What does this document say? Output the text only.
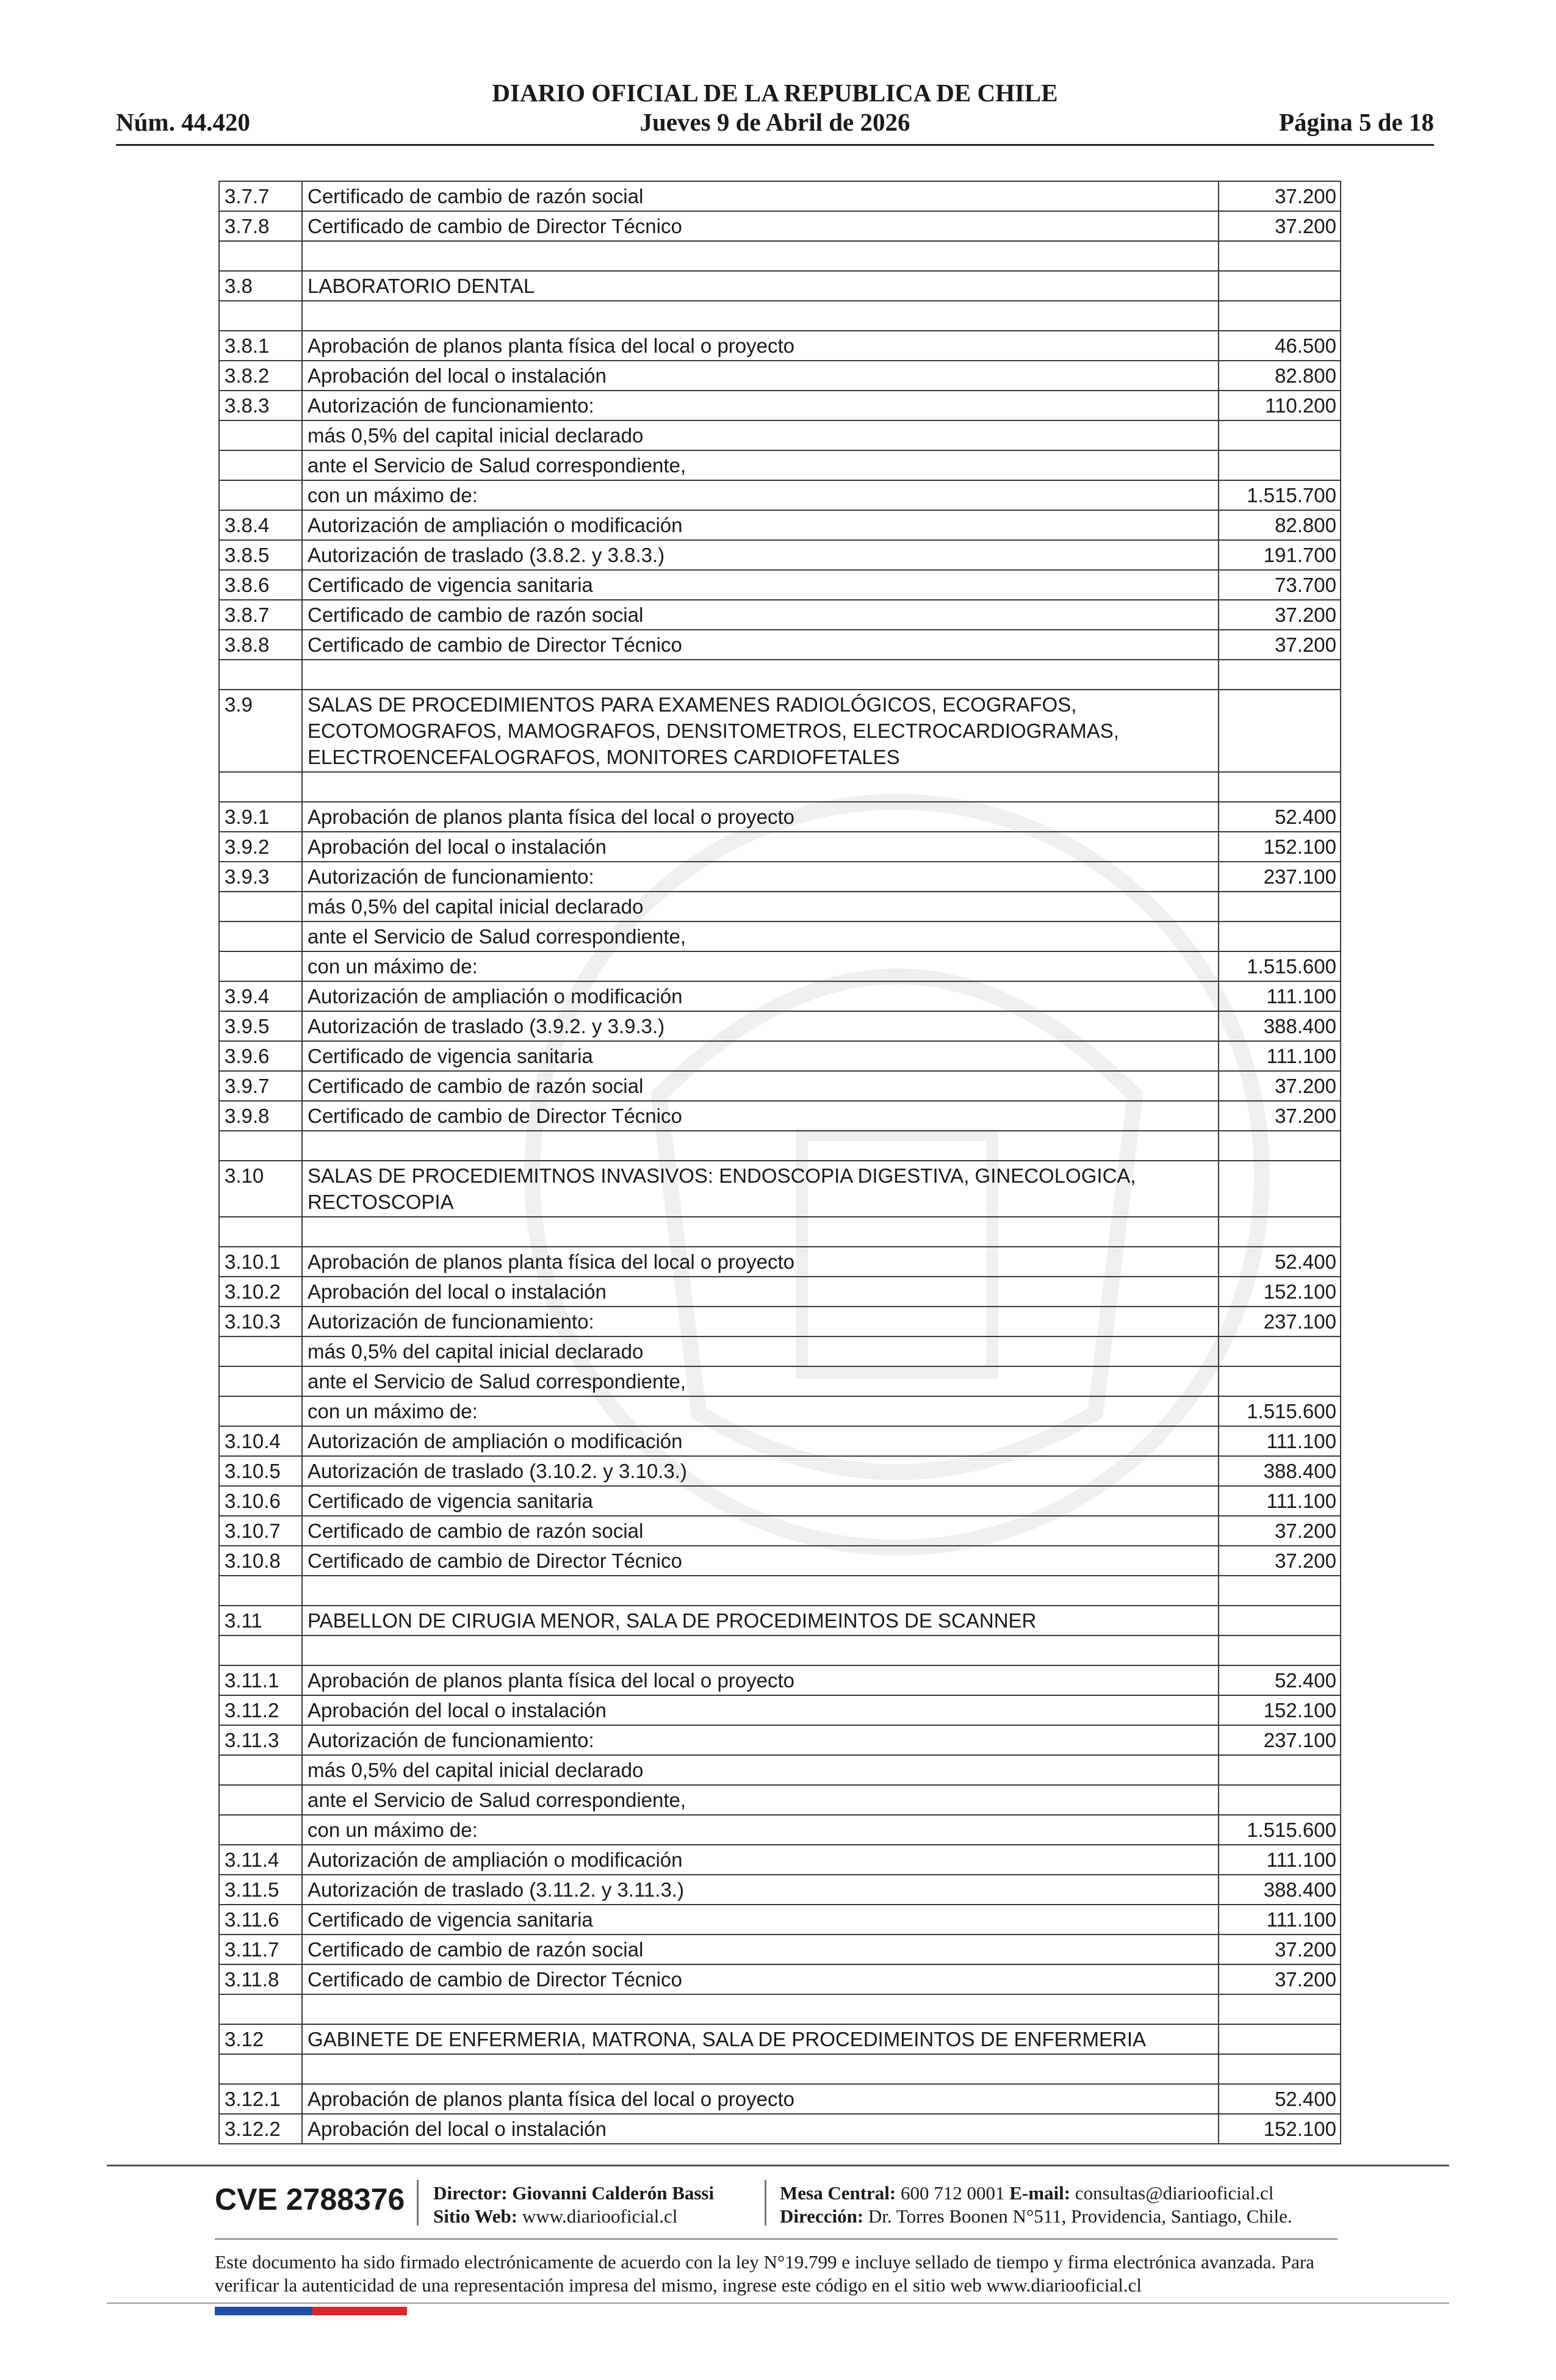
DIARIO OFICIAL DE LA REPUBLICA DE CHILE
Núm. 44.420	Jueves 9 de Abril de 2026	Página 5 de 18
3.7.7	Certificado de cambio de razón social	37.200
3.7.8	Certificado de cambio de Director Técnico	37.200

3.8	LABORATORIO DENTAL	

3.8.1	Aprobación de planos planta física del local o proyecto	46.500
3.8.2	Aprobación del local o instalación	82.800
3.8.3	Autorización de funcionamiento:	110.200
	más 0,5% del capital inicial declarado	
	ante el Servicio de Salud correspondiente,	
	con un máximo de:	1.515.700
3.8.4	Autorización de ampliación o modificación	82.800
3.8.5	Autorización de traslado (3.8.2. y 3.8.3.)	191.700
3.8.6	Certificado de vigencia sanitaria	73.700
3.8.7	Certificado de cambio de razón social	37.200
3.8.8	Certificado de cambio de Director Técnico	37.200

3.9	SALAS DE PROCEDIMIENTOS PARA EXAMENES RADIOLÓGICOS, ECOGRAFOS, ECOTOMOGRAFOS, MAMOGRAFOS, DENSITOMETROS, ELECTROCARDIOGRAMAS, ELECTROENCEFALOGRAFOS, MONITORES CARDIOFETALES	

3.9.1	Aprobación de planos planta física del local o proyecto	52.400
3.9.2	Aprobación del local o instalación	152.100
3.9.3	Autorización de funcionamiento:	237.100
	más 0,5% del capital inicial declarado	
	ante el Servicio de Salud correspondiente,	
	con un máximo de:	1.515.600
3.9.4	Autorización de ampliación o modificación	111.100
3.9.5	Autorización de traslado (3.9.2. y 3.9.3.)	388.400
3.9.6	Certificado de vigencia sanitaria	111.100
3.9.7	Certificado de cambio de razón social	37.200
3.9.8	Certificado de cambio de Director Técnico	37.200

3.10	SALAS DE PROCEDIEMITNOS INVASIVOS: ENDOSCOPIA DIGESTIVA, GINECOLOGICA, RECTOSCOPIA	

3.10.1	Aprobación de planos planta física del local o proyecto	52.400
3.10.2	Aprobación del local o instalación	152.100
3.10.3	Autorización de funcionamiento:	237.100
	más 0,5% del capital inicial declarado	
	ante el Servicio de Salud correspondiente,	
	con un máximo de:	1.515.600
3.10.4	Autorización de ampliación o modificación	111.100
3.10.5	Autorización de traslado (3.10.2. y 3.10.3.)	388.400
3.10.6	Certificado de vigencia sanitaria	111.100
3.10.7	Certificado de cambio de razón social	37.200
3.10.8	Certificado de cambio de Director Técnico	37.200

3.11	PABELLON DE CIRUGIA MENOR, SALA DE PROCEDIMEINTOS DE SCANNER	

3.11.1	Aprobación de planos planta física del local o proyecto	52.400
3.11.2	Aprobación del local o instalación	152.100
3.11.3	Autorización de funcionamiento:	237.100
	más 0,5% del capital inicial declarado	
	ante el Servicio de Salud correspondiente,	
	con un máximo de:	1.515.600
3.11.4	Autorización de ampliación o modificación	111.100
3.11.5	Autorización de traslado (3.11.2. y 3.11.3.)	388.400
3.11.6	Certificado de vigencia sanitaria	111.100
3.11.7	Certificado de cambio de razón social	37.200
3.11.8	Certificado de cambio de Director Técnico	37.200

3.12	GABINETE DE ENFERMERIA, MATRONA, SALA DE PROCEDIMEINTOS DE ENFERMERIA	

3.12.1	Aprobación de planos planta física del local o proyecto	52.400
3.12.2	Aprobación del local o instalación	152.100
CVE 2788376 Director: Giovanni Calderón Bassi
Sitio Web: www.diariooficial.cl
Mesa Central: 600 712 0001 E-mail: consultas@diariooficial.cl
Dirección: Dr. Torres Boonen N°511, Providencia, Santiago, Chile.
Este documento ha sido firmado electrónicamente de acuerdo con la ley N°19.799 e incluye sellado de tiempo y firma electrónica avanzada. Para verificar la autenticidad de una representación impresa del mismo, ingrese este código en el sitio web www.diariooficial.cl
